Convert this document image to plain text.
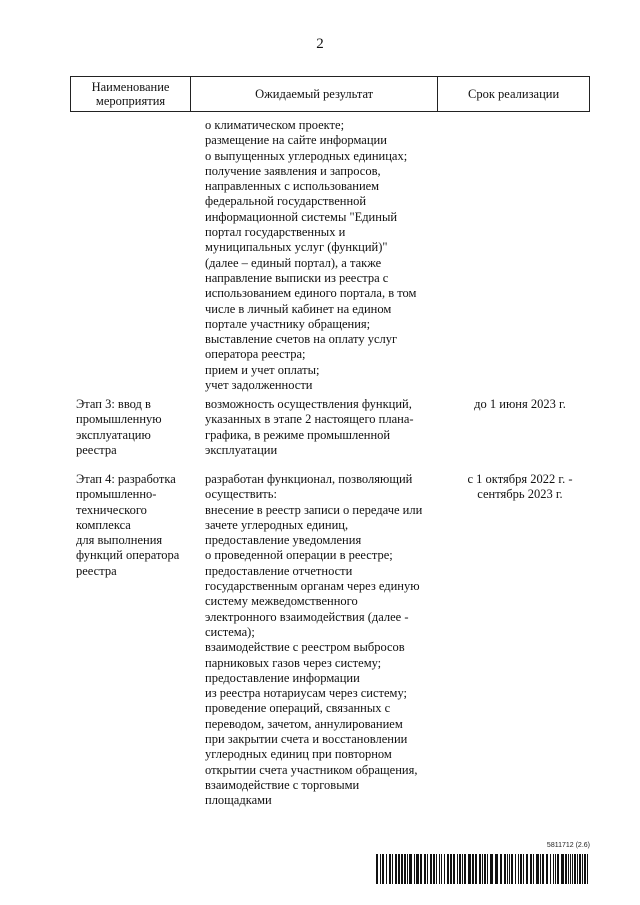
2
Наименование мероприятия	Ожидаемый результат	Срок реализации
о климатическом проекте;
размещение на сайте информации
о выпущенных углеродных единицах;
получение заявления и запросов,
направленных с использованием
федеральной государственной
информационной системы "Единый
портал государственных и
муниципальных услуг (функций)"
(далее – единый портал), а также
направление выписки из реестра с
использованием единого портала, в том
числе в личный кабинет на едином
портале участнику обращения;
выставление счетов на оплату услуг
оператора реестра;
прием и учет оплаты;
учет задолженности
Этап 3: ввод в
промышленную
эксплуатацию
реестра
возможность осуществления функций,
указанных в этапе 2 настоящего плана-
графика, в режиме промышленной
эксплуатации
до 1 июня 2023 г.
Этап 4: разработка
промышленно-
технического
комплекса
для выполнения
функций оператора
реестра
разработан функционал, позволяющий
осуществить:
внесение в реестр записи о передаче или
зачете углеродных единиц,
предоставление уведомления
о проведенной операции в реестре;
предоставление отчетности
государственным органам через единую
систему межведомственного
электронного взаимодействия (далее -
система);
взаимодействие с реестром выбросов
парниковых газов через систему;
предоставление информации
из реестра нотариусам через систему;
проведение операций, связанных с
переводом, зачетом, аннулированием
при закрытии счета и восстановлении
углеродных единиц при повторном
открытии счета участником обращения,
взаимодействие с торговыми
площадками
с 1 октября 2022 г. -
сентябрь 2023 г.
5811712 (2.6)
